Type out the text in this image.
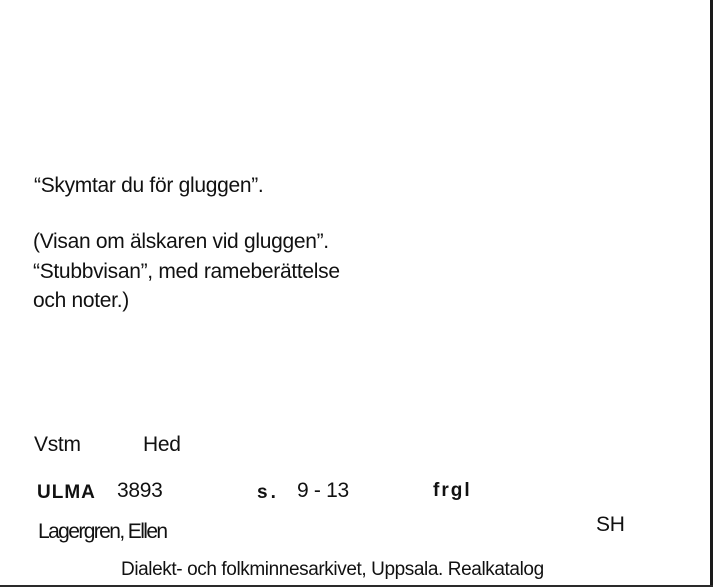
“Skymtar du för gluggen”.
(Visan om älskaren vid gluggen”.
“Stubbvisan”, med rameberättelse
och noter.)
Vstm	Hed
ULMA 3893	s. 9 - 13	frgl
Lagergren, Ellen	SH
Dialekt- och folkminnesarkivet, Uppsala. Realkatalog
